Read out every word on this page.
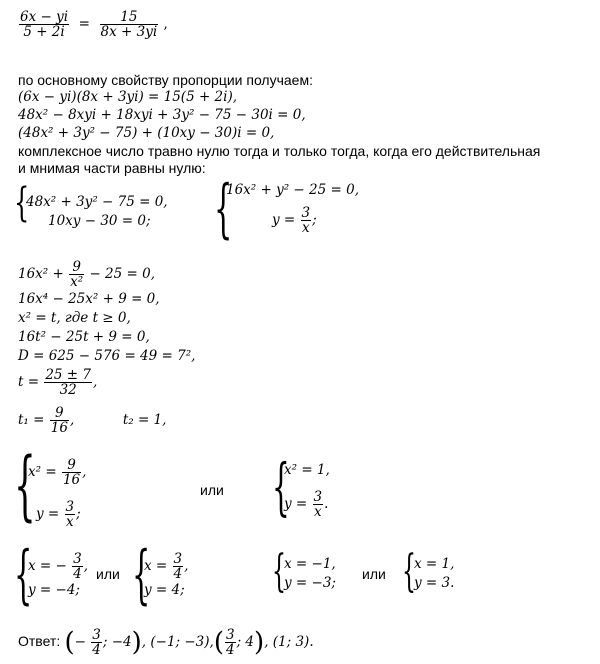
$\frac{6x - yi}{5 + 2i} = \frac{15}{8x + 3yi}$ ,
по основному свойству пропорции получаем:
(6x − yi)(8x + 3yi) = 15(5 + 2i),
48x² − 8xyi + 18xyi + 3y² − 75 − 30i = 0,
(48x² + 3y² − 75) + (10xy − 30)i = 0,
комплексное число травно нулю тогда и только тогда, когда его действительная
и мнимая части равны нулю:
{
48x² + 3y² − 75 = 0,
10xy − 30 = 0; {
16x² + y² − 25 = 0,
$y = \frac{3}{x}$ ;
$16x^2 + \frac{9}{\text{x²}} - 25 = 0$,
16x⁴ − 25x² + 9 = 0,
x² = t, где t ≥ 0,
16t² − 25t + 9 = 0,
D = 625 − 576 = 49 = 7²,
$t = \frac{25 \pm 7}{32}$ ,
$t_1 = \frac{9}{16}$ ,	t₂ = 1,
{
$x^2 = \frac{9}{16}$ ,
$y = \frac{3}{x}$ ;
или {
x² = 1,
$y = \frac{3}{x}$ .
{
x = − $\frac{3}{4}$ ,
y = −4;
или {
$x = \frac{3}{4}$ ,
y = 4; {
x = −1,
y = −3;
или {
x = 1,
y = 3.
Ответ: (− $\frac{3}{4}$ ; −4), (−1; $-3),( \frac{3}{4}$ ; 4), (1; 3).
